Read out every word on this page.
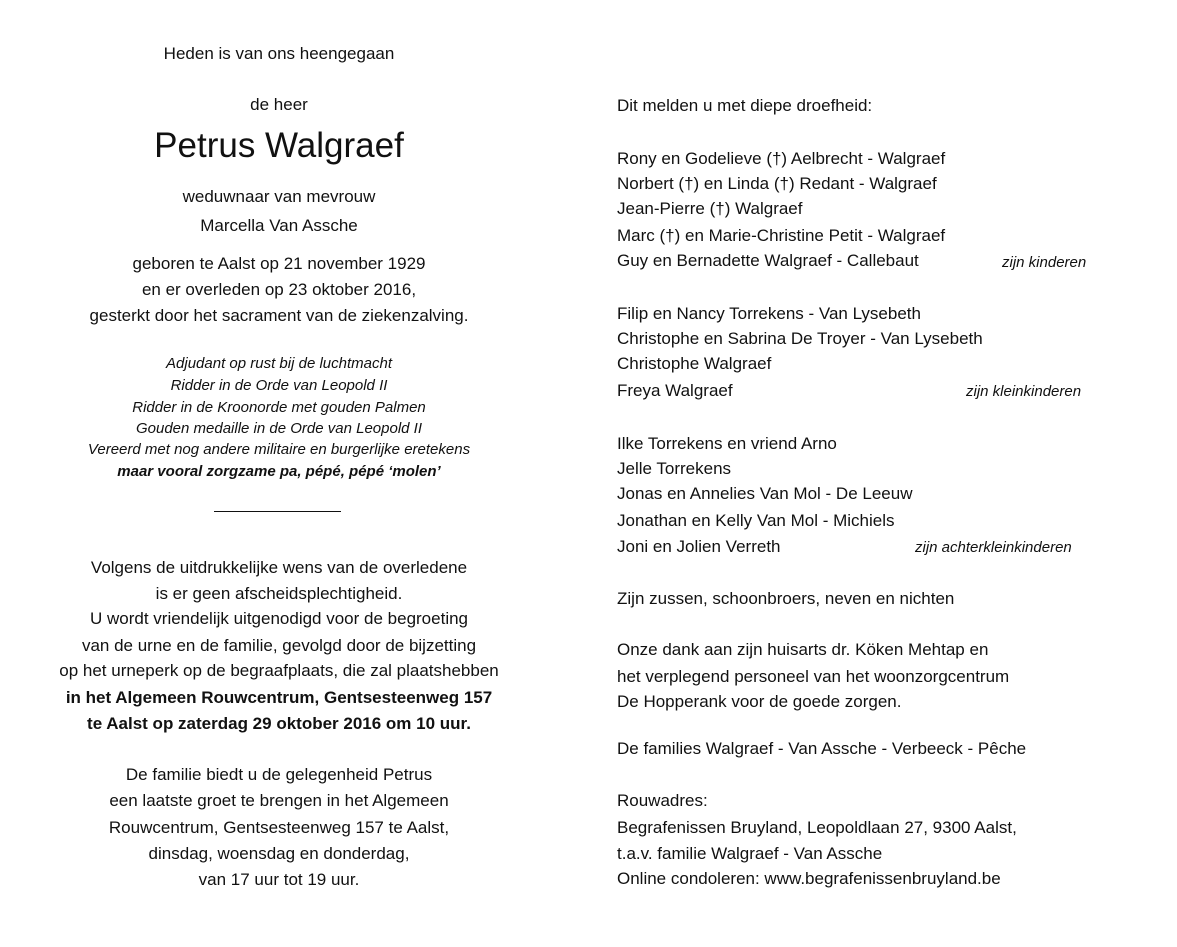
Heden is van ons heengegaan

de heer

Petrus Walgraef

weduwnaar van mevrouw

Marcella Van Assche

geboren te Aalst op 21 november 1929

en er overleden op 23 oktober 2016,

gesterkt door het sacrament van de ziekenzalving.

Adjudant op rust bij de luchtmacht

Ridder in de Orde van Leopold II

Ridder in de Kroonorde met gouden Palmen

Gouden medaille in de Orde van Leopold II

Vereerd met nog andere militaire en burgerlijke eretekens

maar vooral zorgzame pa, pépé, pépé ‘molen’

Volgens de uitdrukkelijke wens van de overledene

is er geen afscheidsplechtigheid.

U wordt vriendelijk uitgenodigd voor de begroeting

van de urne en de familie, gevolgd door de bijzetting

op het urneperk op de begraafplaats, die zal plaatshebben

in het Algemeen Rouwcentrum, Gentsesteenweg 157

te Aalst op zaterdag 29 oktober 2016 om 10 uur.

De familie biedt u de gelegenheid Petrus

een laatste groet te brengen in het Algemeen

Rouwcentrum, Gentsesteenweg 157 te Aalst,

dinsdag, woensdag en donderdag,

van 17 uur tot 19 uur.

Dit melden u met diepe droefheid:

Rony en Godelieve (†) Aelbrecht - Walgraef

Norbert (†) en Linda (†) Redant - Walgraef

Jean-Pierre (†) Walgraef

Marc (†) en Marie-Christine Petit - Walgraef

Guy en Bernadette Walgraef - Callebaut	zijn kinderen

Filip en Nancy Torrekens - Van Lysebeth

Christophe en Sabrina De Troyer - Van Lysebeth

Christophe Walgraef

Freya Walgraef	zijn kleinkinderen

Ilke Torrekens en vriend Arno

Jelle Torrekens

Jonas en Annelies Van Mol - De Leeuw

Jonathan en Kelly Van Mol - Michiels

Joni en Jolien Verreth	zijn achterkleinkinderen

Zijn zussen, schoonbroers, neven en nichten

Onze dank aan zijn huisarts dr. Köken Mehtap en

het verplegend personeel van het woonzorgcentrum

De Hopperank voor de goede zorgen.

De families Walgraef - Van Assche - Verbeeck - Pêche

Rouwadres:

Begrafenissen Bruyland, Leopoldlaan 27, 9300 Aalst,

t.a.v. familie Walgraef - Van Assche

Online condoleren: www.begrafenissenbruyland.be
